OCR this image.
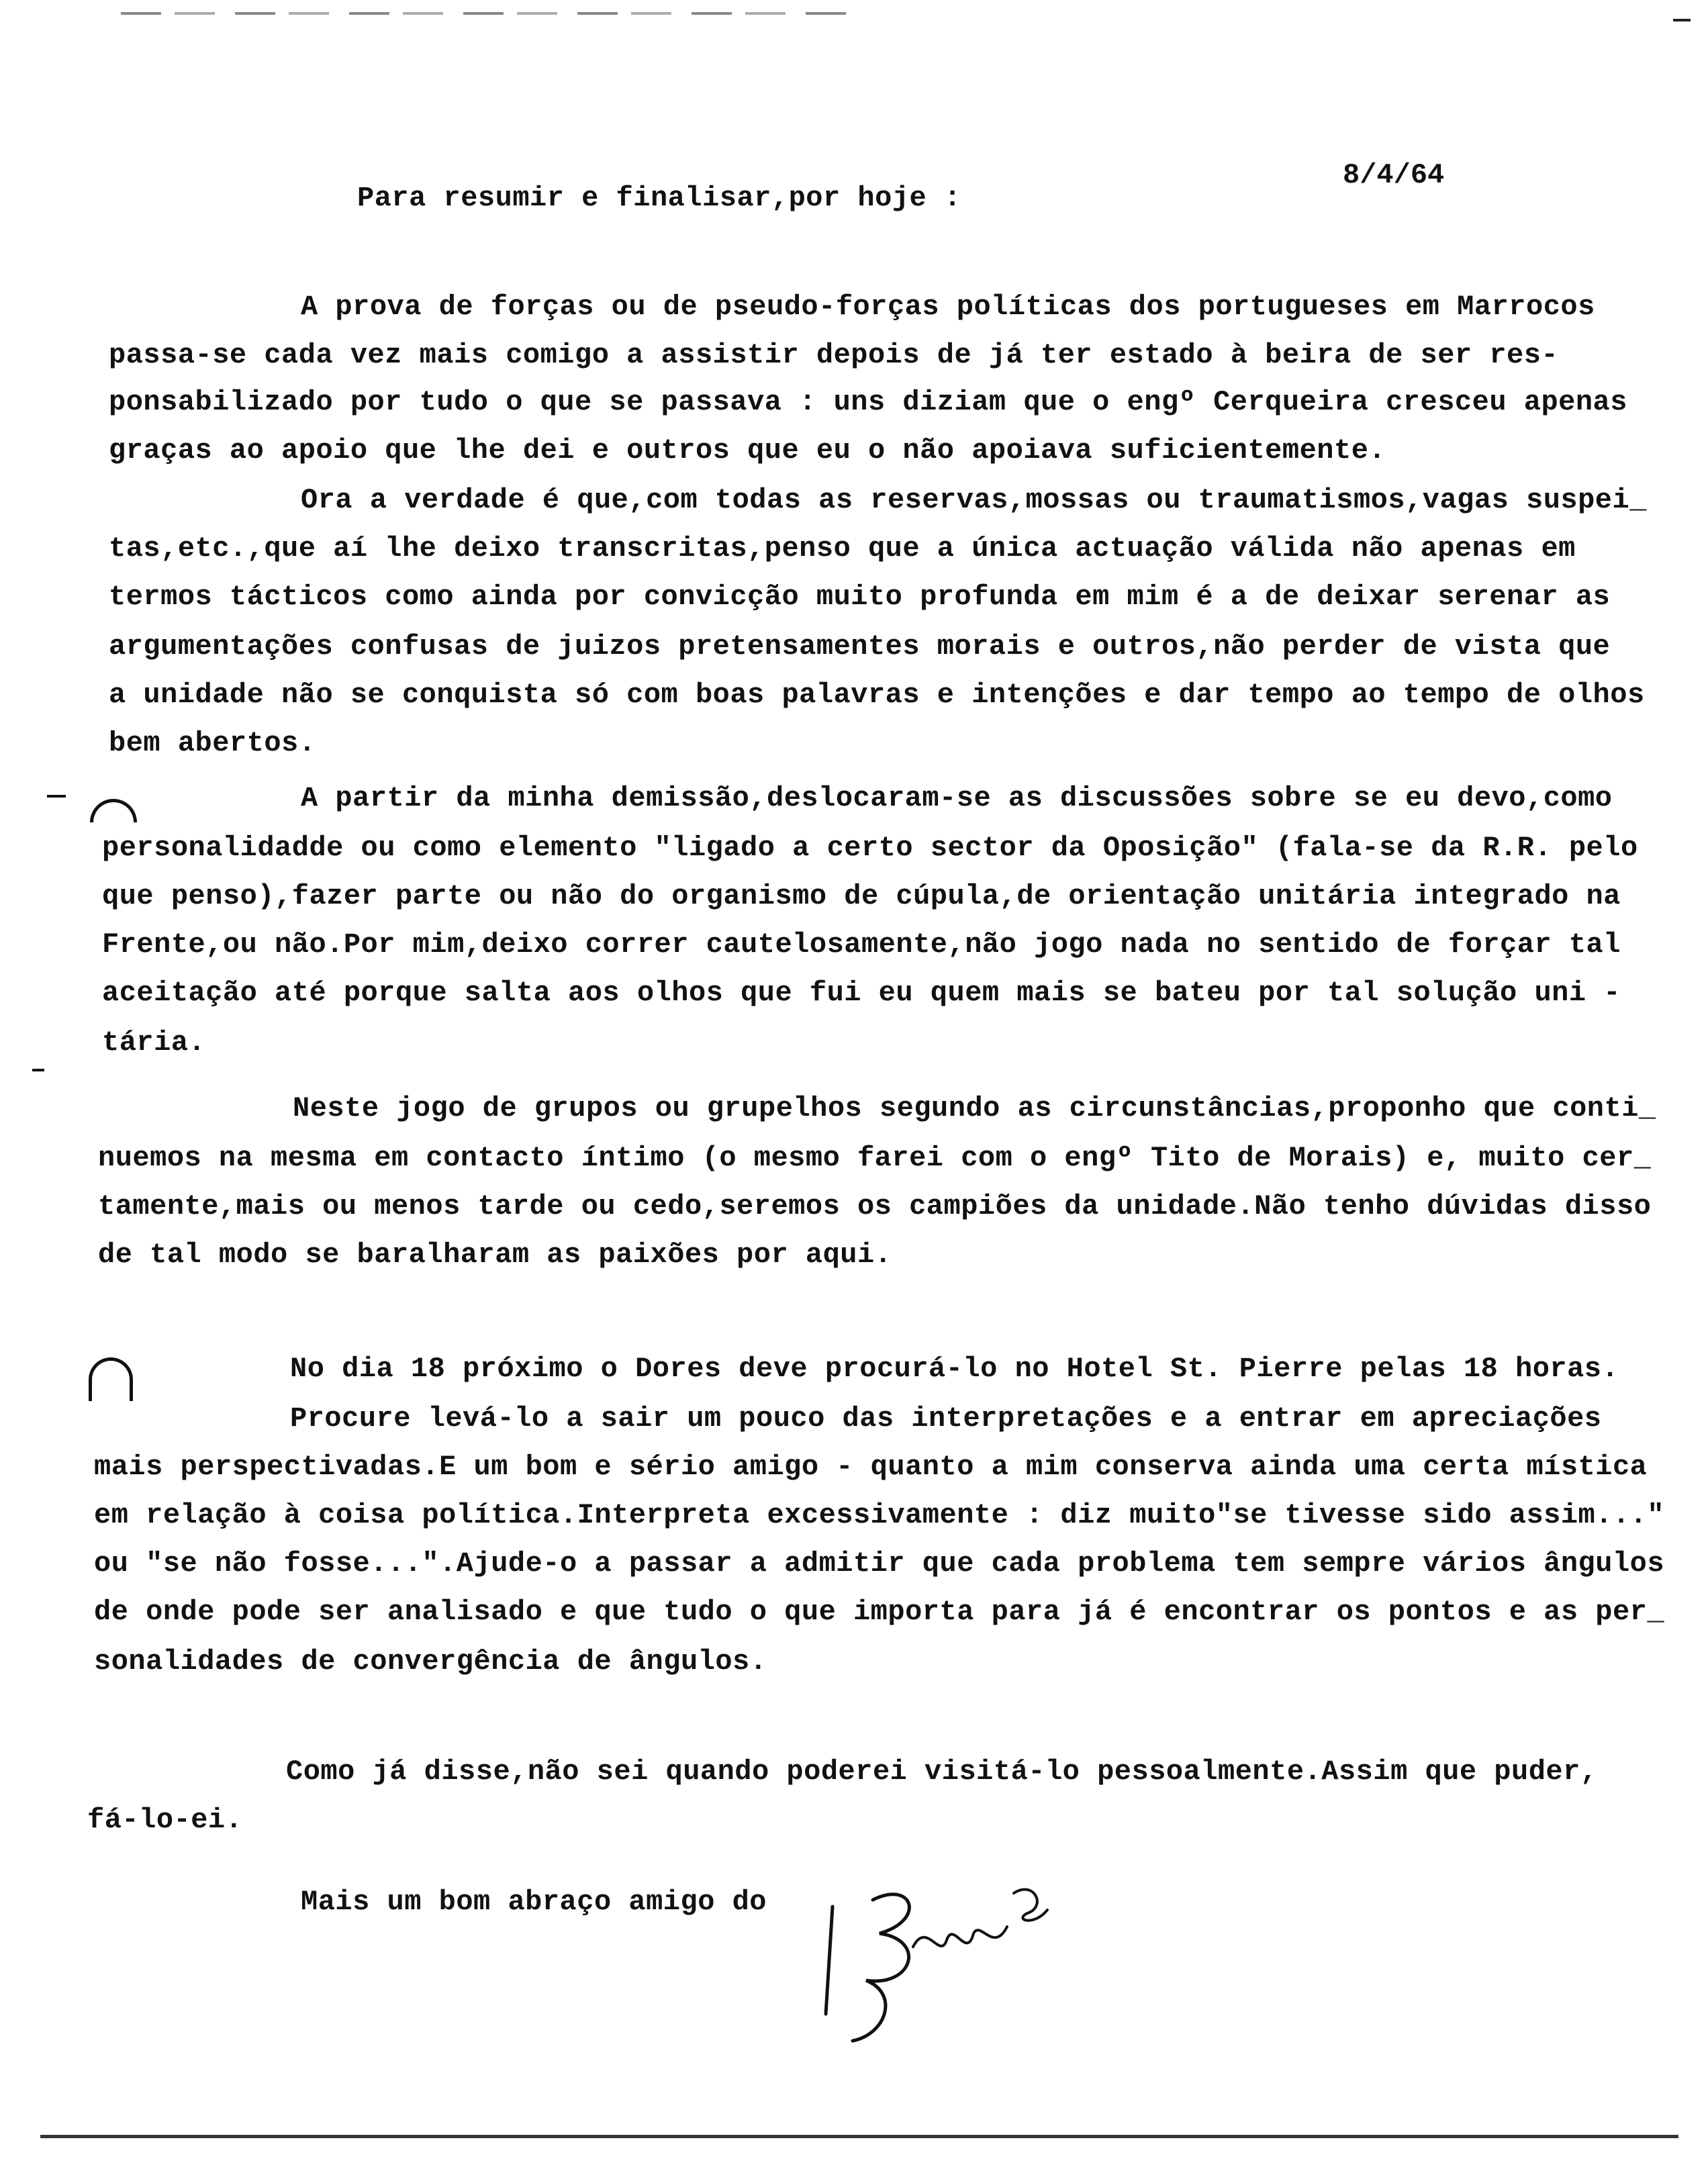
8/4/64
Para resumir e finalisar,por hoje :
A prova de forças ou de pseudo-forças políticas dos portugueses em Marrocos
passa-se cada vez mais comigo a assistir depois de já ter estado à beira de ser res-
ponsabilizado por tudo o que se passava : uns diziam que o engº Cerqueira cresceu apenas
graças ao apoio que lhe dei e outros que eu o não apoiava suficientemente.
Ora a verdade é que,com todas as reservas,mossas ou traumatismos,vagas suspei_
tas,etc.,que aí lhe deixo transcritas,penso que a única actuação válida não apenas em
termos tácticos como ainda por convicção muito profunda em mim é a de deixar serenar as
argumentações confusas de juizos pretensamentes morais e outros,não perder de vista que
a unidade não se conquista só com boas palavras e intenções e dar tempo ao tempo de olhos
bem abertos.
A partir da minha demissão,deslocaram-se as discussões sobre se eu devo,como
personalidadde ou como elemento "ligado a certo sector da Oposição" (fala-se da R.R. pelo
que penso),fazer parte ou não do organismo de cúpula,de orientação unitária integrado na
Frente,ou não.Por mim,deixo correr cautelosamente,não jogo nada no sentido de forçar tal
aceitação até porque salta aos olhos que fui eu quem mais se bateu por tal solução uni -
tária.
Neste jogo de grupos ou grupelhos segundo as circunstâncias,proponho que conti_
nuemos na mesma em contacto íntimo (o mesmo farei com o engº Tito de Morais) e, muito cer_
tamente,mais ou menos tarde ou cedo,seremos os campiões da unidade.Não tenho dúvidas disso
de tal modo se baralharam as paixões por aqui.
No dia 18 próximo o Dores deve procurá-lo no Hotel St. Pierre pelas 18 horas.
Procure levá-lo a sair um pouco das interpretações e a entrar em apreciações
mais perspectivadas.E um bom e sério amigo - quanto a mim conserva ainda uma certa mística
em relação à coisa política.Interpreta excessivamente : diz muito"se tivesse sido assim..."
ou "se não fosse...".Ajude-o a passar a admitir que cada problema tem sempre vários ângulos
de onde pode ser analisado e que tudo o que importa para já é encontrar os pontos e as per_
sonalidades de convergência de ângulos.
Como já disse,não sei quando poderei visitá-lo pessoalmente.Assim que puder,
fá-lo-ei.
Mais um bom abraço amigo do
